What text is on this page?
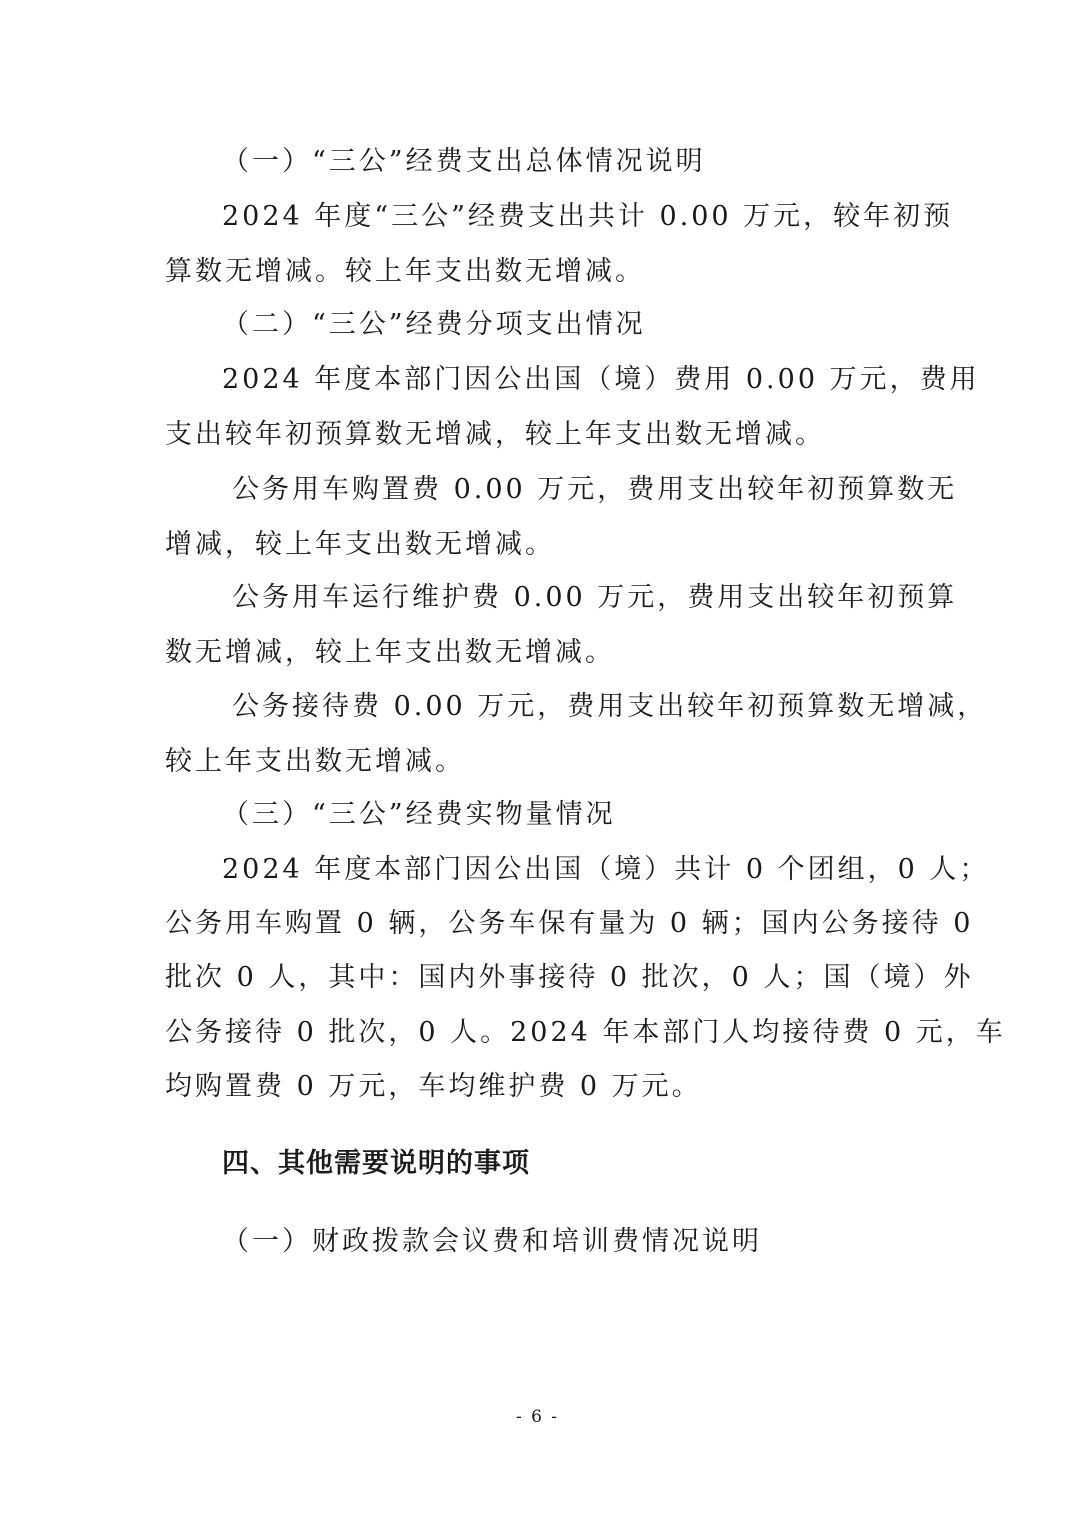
（一）“三公”经费支出总体情况说明
2024 年度“三公”经费支出共计 0.00 万元，较年初预
算数无增减。较上年支出数无增减。
（二）“三公”经费分项支出情况
2024 年度本部门因公出国（境）费用 0.00 万元，费用
支出较年初预算数无增减，较上年支出数无增减。
公务用车购置费 0.00 万元，费用支出较年初预算数无
增减，较上年支出数无增减。
公务用车运行维护费 0.00 万元，费用支出较年初预算
数无增减，较上年支出数无增减。
公务接待费 0.00 万元，费用支出较年初预算数无增减，
较上年支出数无增减。
（三）“三公”经费实物量情况
2024 年度本部门因公出国（境）共计 0 个团组，0 人；
公务用车购置 0 辆，公务车保有量为 0 辆；国内公务接待 0
批次 0 人，其中：国内外事接待 0 批次，0 人；国（境）外
公务接待 0 批次，0 人。2024 年本部门人均接待费 0 元，车
均购置费 0 万元，车均维护费 0 万元。
四、其他需要说明的事项
（一）财政拨款会议费和培训费情况说明
- 6 -
